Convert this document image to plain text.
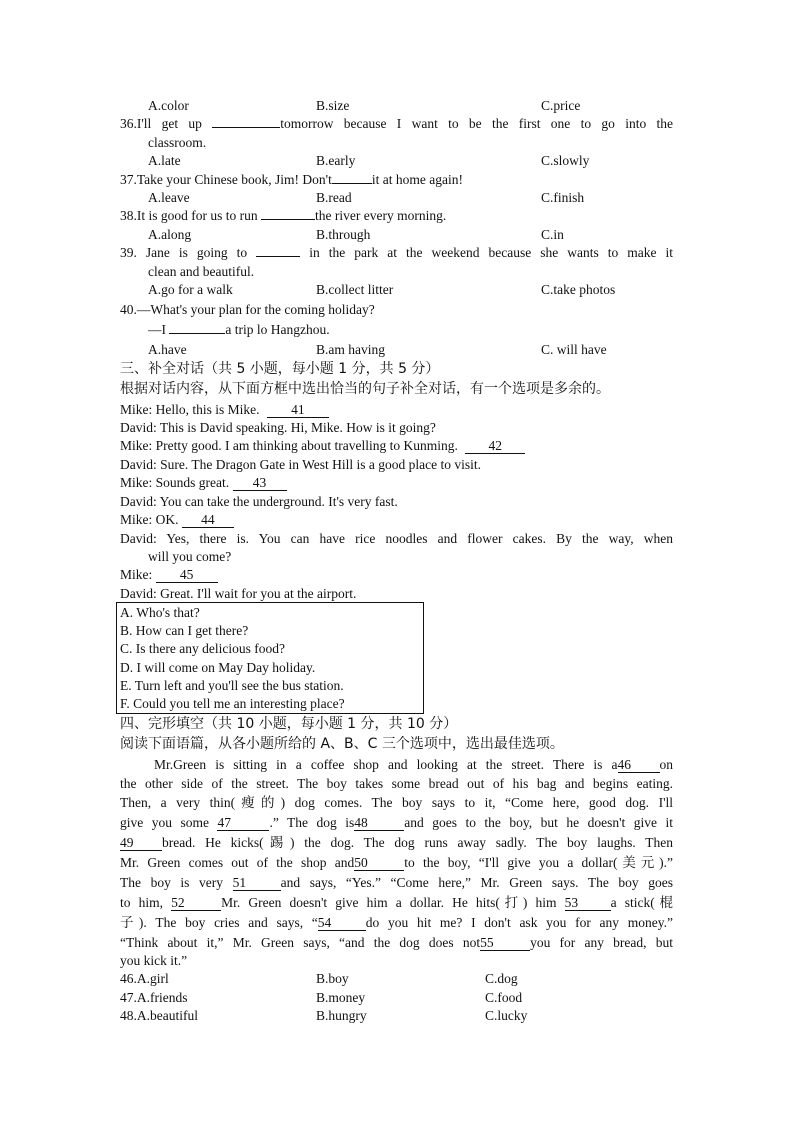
A.color	B.size	C.price
36.I'll get up	tomorrow because I want to be the first one to go into the
classroom.
A.late	B.early	C.slowly
37.Take your Chinese book, Jim! Don't	it at home again!
A.leave	B.read	C.finish
38.It is good for us to run	the river every morning.
A.along	B.through	C.in
39. Jane is going to	in the park at the weekend because she wants to make it
clean and beautiful.
A.go for a walk	B.collect litter	C.take photos
40.—What's your plan for the coming holiday?
—I	a trip lo Hangzhou.
A.have	B.am having	C. will have
三、补全对话（共 5 小题，每小题 1 分，共 5 分）
根据对话内容，从下面方框中选出恰当的句子补全对话，有一个选项是多余的。
Mike: Hello, this is Mike. 41
David: This is David speaking. Hi, Mike. How is it going?
Mike: Pretty good. I am thinking about travelling to Kunming. 42
David: Sure. The Dragon Gate in West Hill is a good place to visit.
Mike: Sounds great. 43
David: You can take the underground. It's very fast.
Mike: OK. 44
David: Yes, there is. You can have rice noodles and flower cakes. By the way, when
will you come?
Mike: 45
David: Great. I'll wait for you at the airport.
A. Who's that?
B. How can I get there?
C. Is there any delicious food?
D. I will come on May Day holiday.
E. Turn left and you'll see the bus station.
F. Could you tell me an interesting place?
四、完形填空（共 10 小题，每小题 1 分，共 10 分）
阅读下面语篇，从各小题所给的 A、B、C 三个选项中，选出最佳选项。
Mr.Green is sitting in a coffee shop and looking at the street. There is a46 on
the other side of the street. The boy takes some bread out of his bag and begins eating.
Then, a very thin(瘦的) dog comes. The boy says to it, “Come here, good dog. I'll
give you some 47	.” The dog is48	and goes to the boy, but he doesn't give it
49 bread. He kicks(踢) the dog. The dog runs away sadly. The boy laughs. Then
Mr. Green comes out of the shop and50	to the boy, “I'll give you a dollar(美元).”
The boy is very 51	and says, “Yes.” “Come here,” Mr. Green says. The boy goes
to him, 52	Mr. Green doesn't give him a dollar. He hits(打) him 53 a stick(棍
子). The boy cries and says, “54	do you hit me? I don't ask you for any money.”
“Think about it,” Mr. Green says, “and the dog does not55	you for any bread, but
you kick it.”
46.A.girl	B.boy	C.dog
47.A.friends	B.money	C.food
48.A.beautiful	B.hungry	C.lucky
